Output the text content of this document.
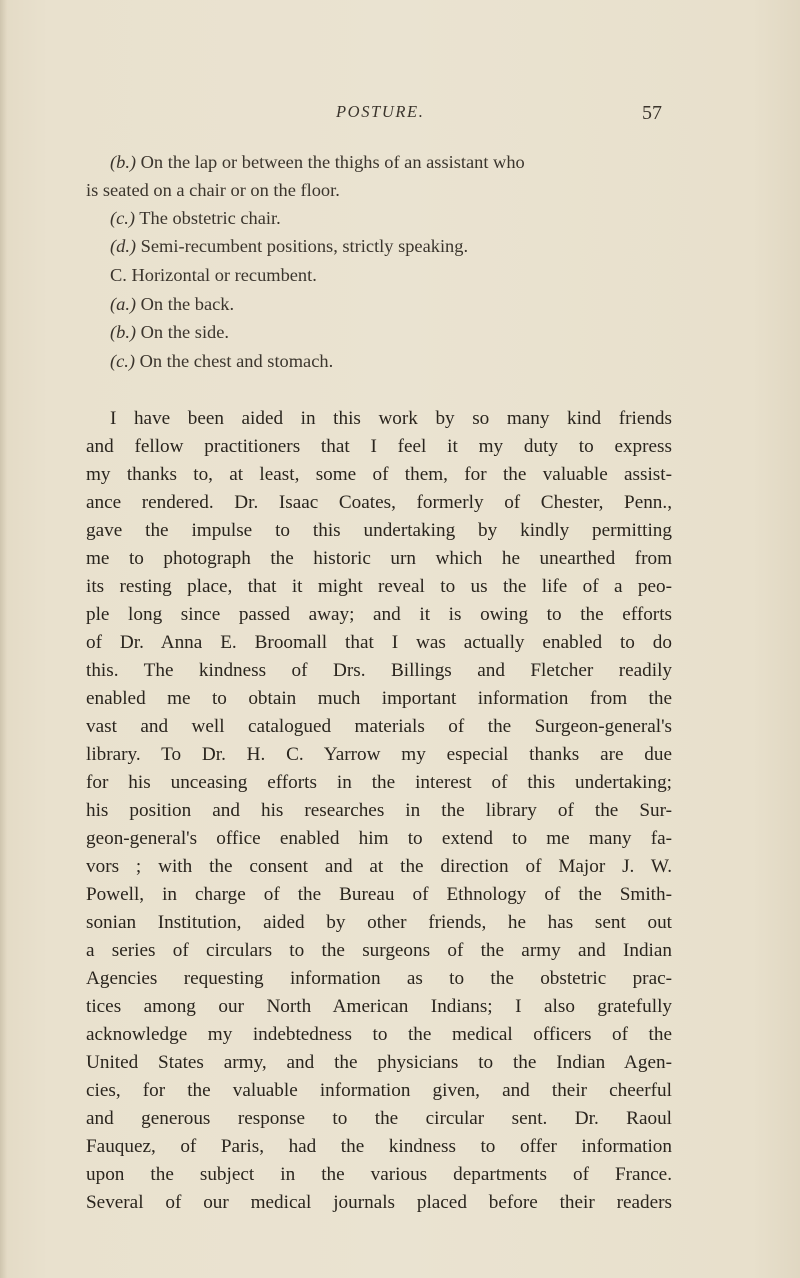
POSTURE.	57
(b.) On the lap or between the thighs of an assistant who
is seated on a chair or on the floor.
(c.) The obstetric chair.
(d.) Semi-recumbent positions, strictly speaking.
C. Horizontal or recumbent.
(a.) On the back.
(b.) On the side.
(c.) On the chest and stomach.
I have been aided in this work by so many kind friends
and fellow practitioners that I feel it my duty to express
my thanks to, at least, some of them, for the valuable assist-
ance rendered. Dr. Isaac Coates, formerly of Chester, Penn.,
gave the impulse to this undertaking by kindly permitting
me to photograph the historic urn which he unearthed from
its resting place, that it might reveal to us the life of a peo-
ple long since passed away; and it is owing to the efforts
of Dr. Anna E. Broomall that I was actually enabled to do
this. The kindness of Drs. Billings and Fletcher readily
enabled me to obtain much important information from the
vast and well catalogued materials of the Surgeon-general's
library. To Dr. H. C. Yarrow my especial thanks are due
for his unceasing efforts in the interest of this undertaking;
his position and his researches in the library of the Sur-
geon-general's office enabled him to extend to me many fa-
vors ; with the consent and at the direction of Major J. W.
Powell, in charge of the Bureau of Ethnology of the Smith-
sonian Institution, aided by other friends, he has sent out
a series of circulars to the surgeons of the army and Indian
Agencies requesting information as to the obstetric prac-
tices among our North American Indians; I also gratefully
acknowledge my indebtedness to the medical officers of the
United States army, and the physicians to the Indian Agen-
cies, for the valuable information given, and their cheerful
and generous response to the circular sent. Dr. Raoul
Fauquez, of Paris, had the kindness to offer information
upon the subject in the various departments of France.
Several of our medical journals placed before their readers
